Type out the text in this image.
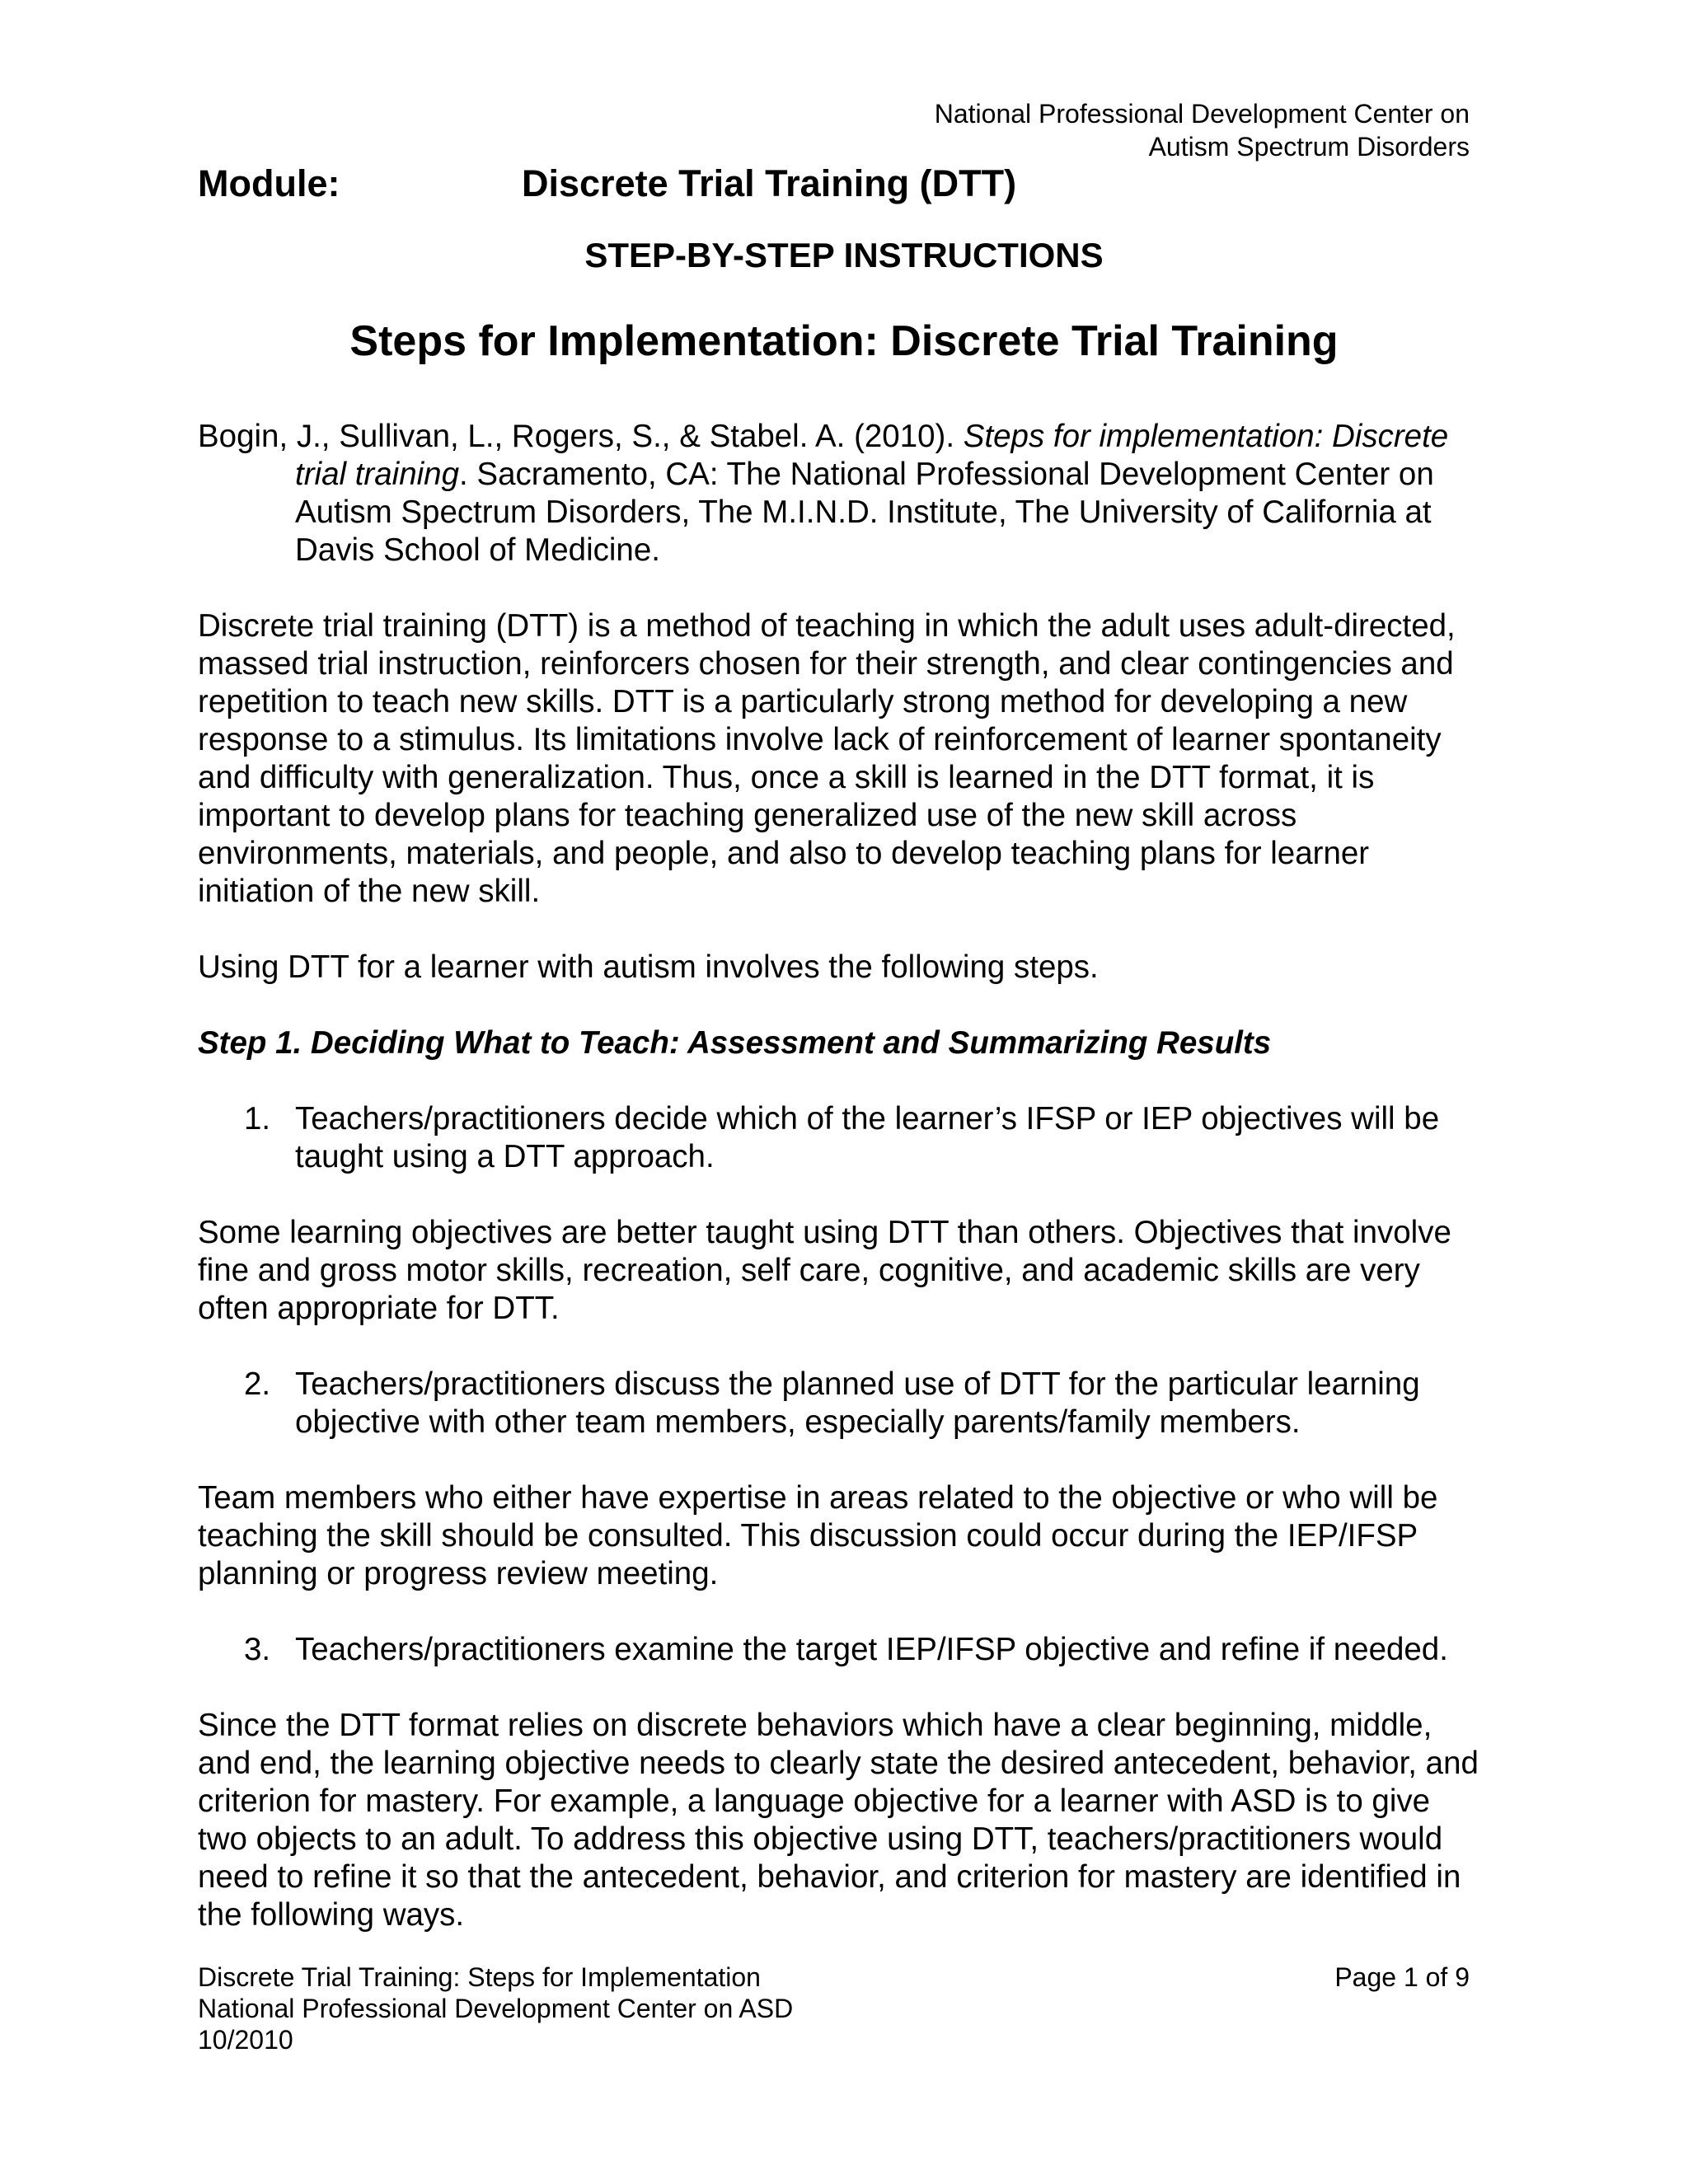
National Professional Development Center on
Autism Spectrum Disorders
Module:	Discrete Trial Training (DTT)
STEP-BY-STEP INSTRUCTIONS
Steps for Implementation: Discrete Trial Training

Bogin, J., Sullivan, L., Rogers, S., & Stabel. A. (2010). Steps for implementation: Discrete trial training. Sacramento, CA: The National Professional Development Center on Autism Spectrum Disorders, The M.I.N.D. Institute, The University of California at Davis School of Medicine.

Discrete trial training (DTT) is a method of teaching in which the adult uses adult-directed, massed trial instruction, reinforcers chosen for their strength, and clear contingencies and repetition to teach new skills. DTT is a particularly strong method for developing a new response to a stimulus. Its limitations involve lack of reinforcement of learner spontaneity and difficulty with generalization. Thus, once a skill is learned in the DTT format, it is important to develop plans for teaching generalized use of the new skill across environments, materials, and people, and also to develop teaching plans for learner initiation of the new skill.

Using DTT for a learner with autism involves the following steps.

Step 1. Deciding What to Teach: Assessment and Summarizing Results

1. Teachers/practitioners decide which of the learner’s IFSP or IEP objectives will be taught using a DTT approach.

Some learning objectives are better taught using DTT than others. Objectives that involve fine and gross motor skills, recreation, self care, cognitive, and academic skills are very often appropriate for DTT.

2. Teachers/practitioners discuss the planned use of DTT for the particular learning objective with other team members, especially parents/family members.

Team members who either have expertise in areas related to the objective or who will be teaching the skill should be consulted. This discussion could occur during the IEP/IFSP planning or progress review meeting.

3. Teachers/practitioners examine the target IEP/IFSP objective and refine if needed.

Since the DTT format relies on discrete behaviors which have a clear beginning, middle, and end, the learning objective needs to clearly state the desired antecedent, behavior, and criterion for mastery. For example, a language objective for a learner with ASD is to give two objects to an adult. To address this objective using DTT, teachers/practitioners would need to refine it so that the antecedent, behavior, and criterion for mastery are identified in the following ways.

Discrete Trial Training: Steps for Implementation	Page 1 of 9
National Professional Development Center on ASD
10/2010
